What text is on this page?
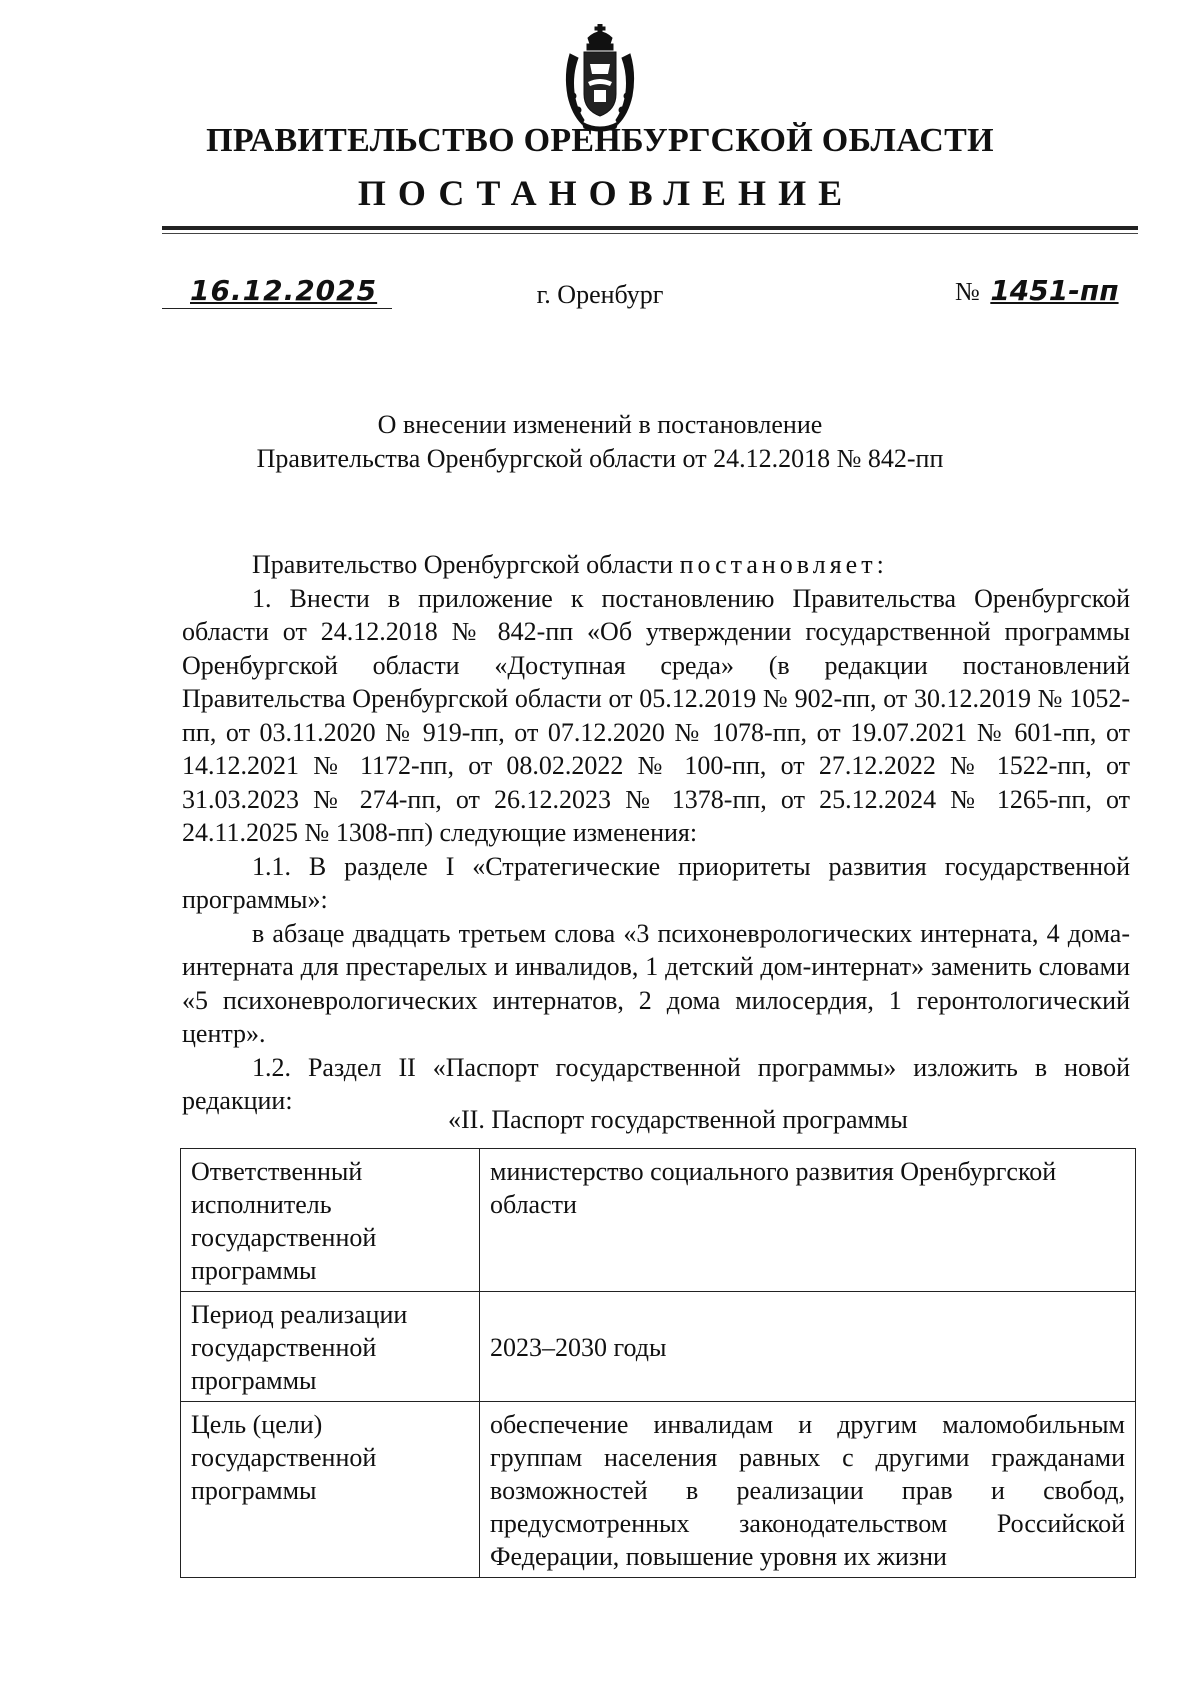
ПРАВИТЕЛЬСТВО ОРЕНБУРГСКОЙ ОБЛАСТИ
ПОСТАНОВЛЕНИЕ
16.12.2025	г. Оренбург	№ 1451-пп
О внесении изменений в постановление
Правительства Оренбургской области от 24.12.2018 № 842-пп

Правительство Оренбургской области постановляет:

1. Внести в приложение к постановлению Правительства Оренбургской области от 24.12.2018 № 842-пп «Об утверждении государственной программы Оренбургской области «Доступная среда» (в редакции постановлений Правительства Оренбургской области от 05.12.2019 № 902-пп, от 30.12.2019 № 1052-пп, от 03.11.2020 № 919-пп, от 07.12.2020 № 1078-пп, от 19.07.2021 № 601-пп, от 14.12.2021 № 1172-пп, от 08.02.2022 № 100-пп, от 27.12.2022 № 1522-пп, от 31.03.2023 № 274-пп, от 26.12.2023 № 1378-пп, от 25.12.2024 № 1265-пп, от 24.11.2025 № 1308-пп) следующие изменения:

1.1. В разделе I «Стратегические приоритеты развития государственной программы»:

в абзаце двадцать третьем слова «3 психоневрологических интерната, 4 дома-интерната для престарелых и инвалидов, 1 детский дом-интернат» заменить словами «5 психоневрологических интернатов, 2 дома милосердия, 1 геронтологический центр».

1.2. Раздел II «Паспорт государственной программы» изложить в новой редакции:

«II. Паспорт государственной программы
Ответственный исполнитель государственной программы	министерство социального развития Оренбургской области
Период реализации государственной программы	2023–2030 годы
Цель (цели) государственной программы	обеспечение инвалидам и другим маломобильным группам населения равных с другими гражданами возможностей в реализации прав и свобод, предусмотренных законодательством Российской Федерации, повышение уровня их жизни
